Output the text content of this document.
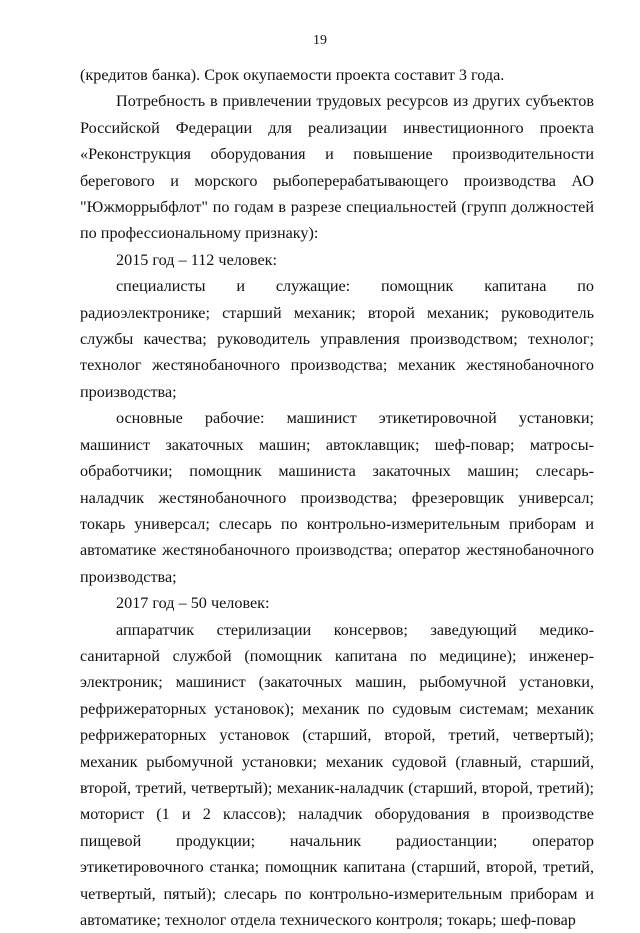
19

(кредитов банка). Срок окупаемости проекта составит 3 года.

Потребность в привлечении трудовых ресурсов из других субъектов Российской Федерации для реализации инвестиционного проекта «Реконструкция оборудования и повышение производительности берегового и морского рыбоперерабатывающего производства АО "Южморрыбфлот" по годам в разрезе специальностей (групп должностей по профессиональному признаку):

2015 год – 112 человек:

специалисты и служащие: помощник капитана по радиоэлектронике; старший механик; второй механик; руководитель службы качества; руководитель управления производством; технолог; технолог жестянобаночного производства; механик жестянобаночного производства;

основные рабочие: машинист этикетировочной установки; машинист закаточных машин; автоклавщик; шеф-повар; матросы-обработчики; помощник машиниста закаточных машин; слесарь-наладчик жестянобаночного производства; фрезеровщик универсал; токарь универсал; слесарь по контрольно-измерительным приборам и автоматике жестянобаночного производства; оператор жестянобаночного производства;

2017 год – 50 человек:

аппаратчик стерилизации консервов; заведующий медико-санитарной службой (помощник капитана по медицине); инженер-электроник; машинист (закаточных машин, рыбомучной установки, рефрижераторных установок); механик по судовым системам; механик рефрижераторных установок (старший, второй, третий, четвертый); механик рыбомучной установки; механик судовой (главный, старший, второй, третий, четвертый); механик-наладчик (старший, второй, третий); моторист (1 и 2 классов); наладчик оборудования в производстве пищевой продукции; начальник радиостанции; оператор этикетировочного станка; помощник капитана (старший, второй, третий, четвертый, пятый); слесарь по контрольно-измерительным приборам и автоматике; технолог отдела технического контроля; токарь; шеф-повар
